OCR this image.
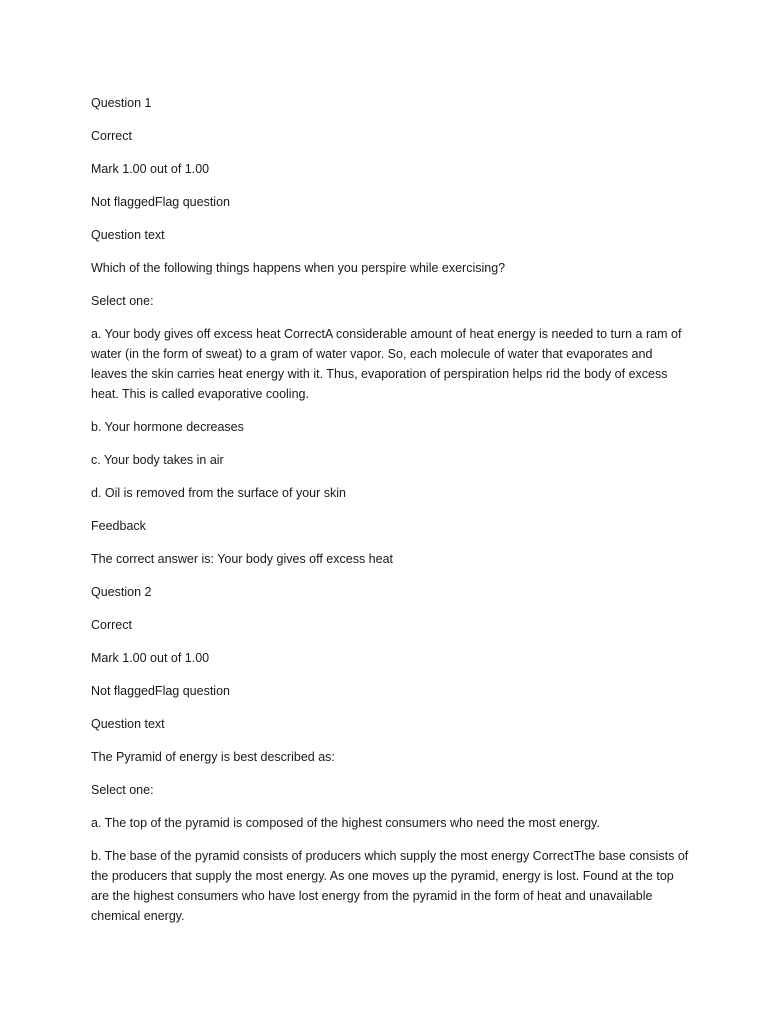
Question 1
Correct
Mark 1.00 out of 1.00
Not flaggedFlag question
Question text
Which of the following things happens when you perspire while exercising?
Select one:
a. Your body gives off excess heat CorrectA considerable amount of heat energy is needed to turn a ram of water (in the form of sweat) to a gram of water vapor. So, each molecule of water that evaporates and leaves the skin carries heat energy with it. Thus, evaporation of perspiration helps rid the body of excess heat. This is called evaporative cooling.
b. Your hormone decreases
c. Your body takes in air
d. Oil is removed from the surface of your skin
Feedback
The correct answer is: Your body gives off excess heat
Question 2
Correct
Mark 1.00 out of 1.00
Not flaggedFlag question
Question text
The Pyramid of energy is best described as:
Select one:
a. The top of the pyramid is composed of the highest consumers who need the most energy.
b. The base of the pyramid consists of producers which supply the most energy CorrectThe base consists of the producers that supply the most energy. As one moves up the pyramid, energy is lost. Found at the top are the highest consumers who have lost energy from the pyramid in the form of heat and unavailable chemical energy.
